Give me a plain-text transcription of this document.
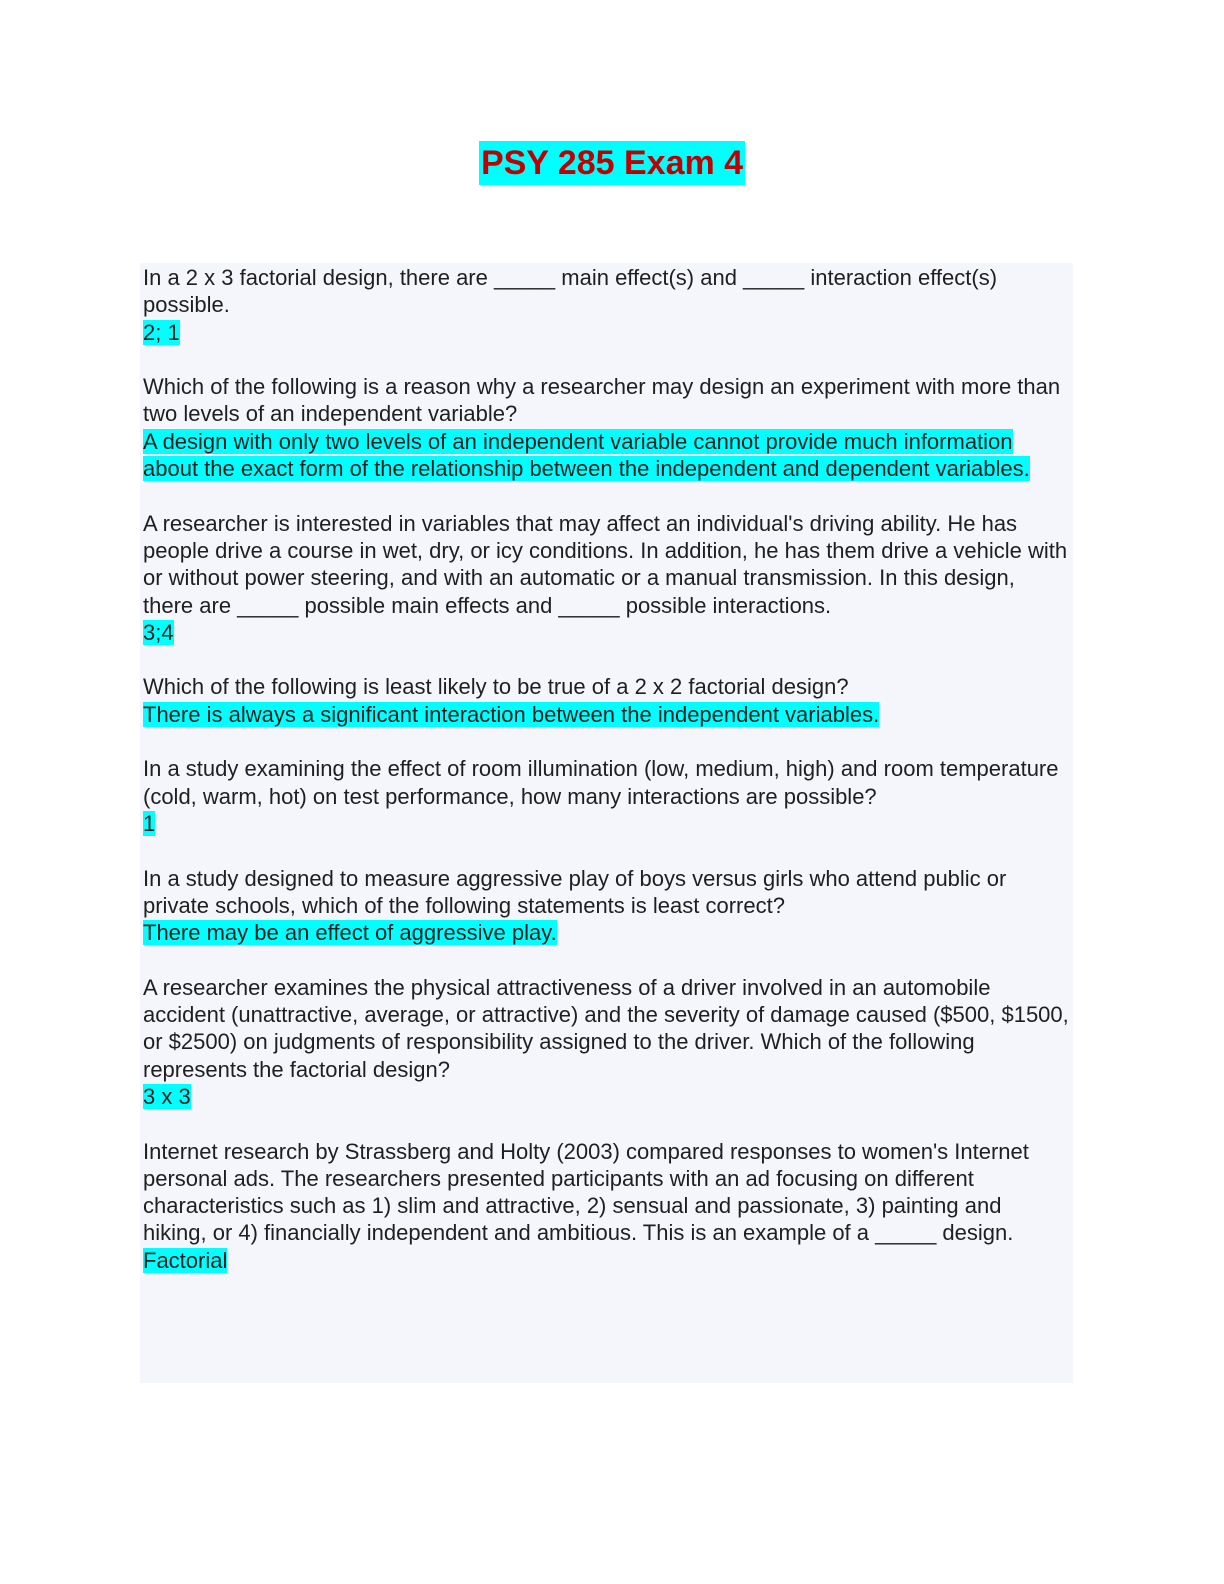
PSY 285 Exam 4
In a 2 x 3 factorial design, there are _____ main effect(s) and _____ interaction effect(s) possible.
2; 1
Which of the following is a reason why a researcher may design an experiment with more than two levels of an independent variable?
A design with only two levels of an independent variable cannot provide much information about the exact form of the relationship between the independent and dependent variables.
A researcher is interested in variables that may affect an individual's driving ability. He has people drive a course in wet, dry, or icy conditions. In addition, he has them drive a vehicle with or without power steering, and with an automatic or a manual transmission. In this design, there are _____ possible main effects and _____ possible interactions.
3;4
Which of the following is least likely to be true of a 2 x 2 factorial design?
There is always a significant interaction between the independent variables.
In a study examining the effect of room illumination (low, medium, high) and room temperature (cold, warm, hot) on test performance, how many interactions are possible?
1
In a study designed to measure aggressive play of boys versus girls who attend public or private schools, which of the following statements is least correct?
There may be an effect of aggressive play.
A researcher examines the physical attractiveness of a driver involved in an automobile accident (unattractive, average, or attractive) and the severity of damage caused ($500, $1500, or $2500) on judgments of responsibility assigned to the driver. Which of the following represents the factorial design?
3 x 3
Internet research by Strassberg and Holty (2003) compared responses to women's Internet personal ads. The researchers presented participants with an ad focusing on different characteristics such as 1) slim and attractive, 2) sensual and passionate, 3) painting and hiking, or 4) financially independent and ambitious. This is an example of a _____ design.
Factorial
